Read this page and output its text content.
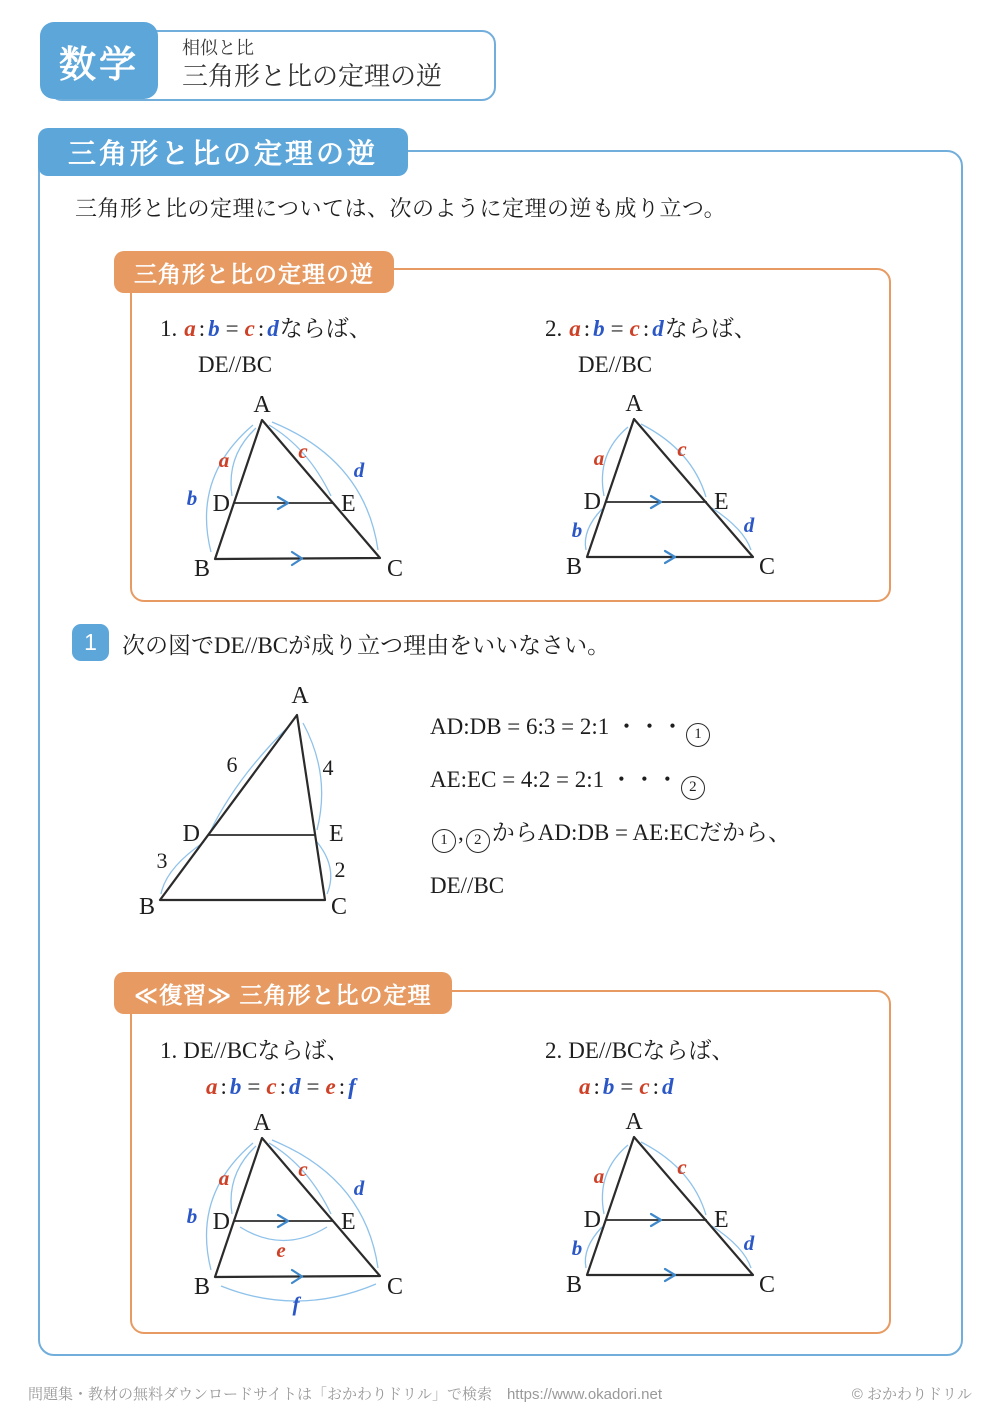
相似と比
三角形と比の定理の逆
数学
三角形と比の定理の逆
三角形と比の定理については、次のように定理の逆も成り立つ。
三角形と比の定理の逆
1. a : b = c : dならば、
DE//BC
2. a : b = c : dならば、
DE//BC
A
B	C
D	E
a
b
c
d
A
B	C
D	E
a
b
c
d
1 次の図でDE//BCが成り立つ理由をいいなさい。
A
B	C
D	E
6	4
3	2
AD:DB = 6:3 = 2:1 ・・・ 1
AE:EC = 4:2 = 2:1 ・・・ 2
1 , 2 からAD:DB = AE:ECだから、
DE//BC
≪復習≫ 三角形と比の定理
1. DE//BCならば、
a : b = c : d = e : f
2. DE//BCならば、
a : b = c : d
A
B	C
D	E
a
b
c
d
e
f
A
B	C
D	E
a
b
c
d
問題集・教材の無料ダウンロードサイトは「おかわりドリル」で検索　https://www.okadori.net	© おかわりドリル
